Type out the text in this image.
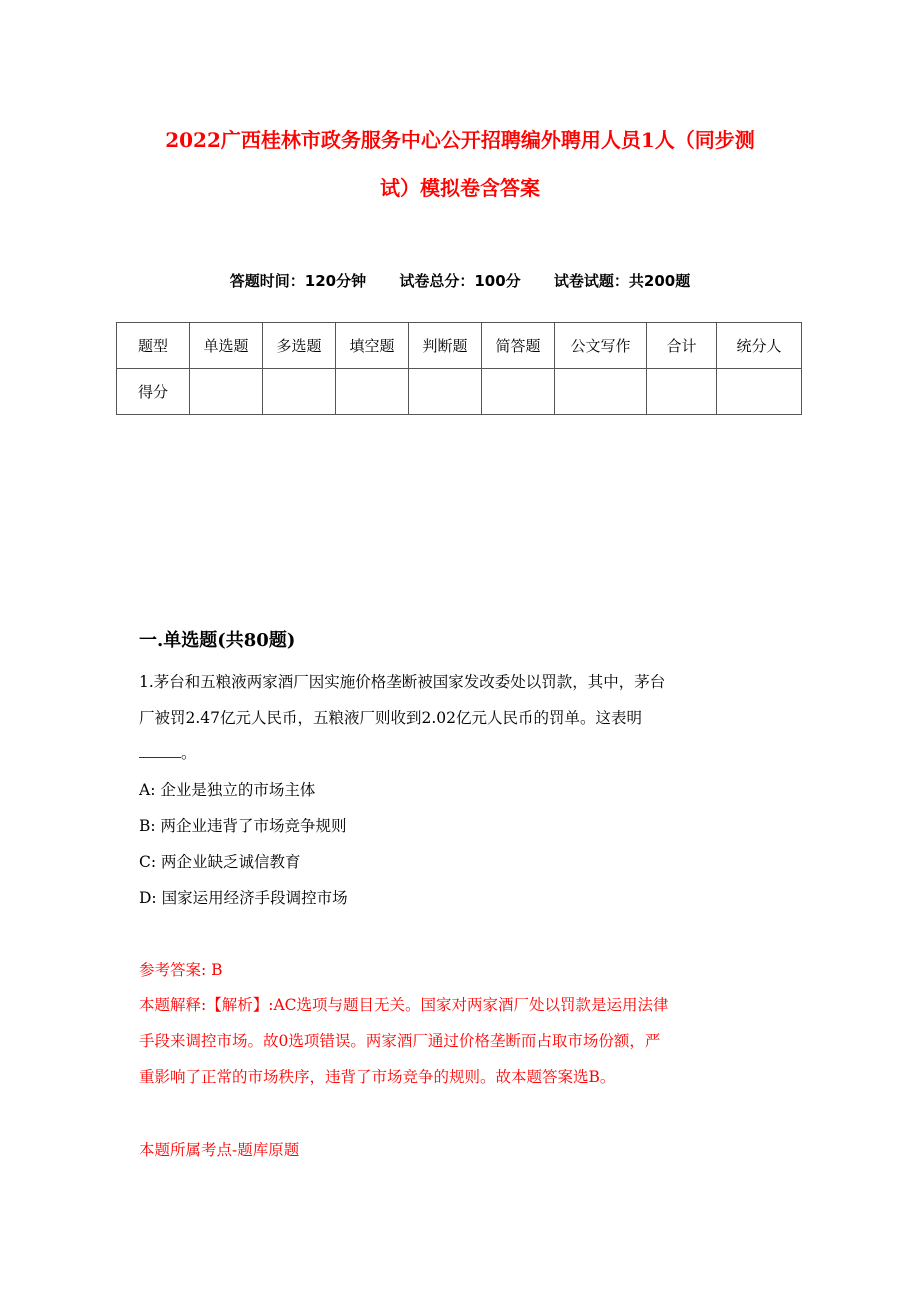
2022广西桂林市政务服务中心公开招聘编外聘用人员1人（同步测
试）模拟卷含答案
答题时间：120分钟 试卷总分：100分 试卷试题：共200题
题型	单选题	多选题	填空题	判断题	简答题	公文写作	合计	统分人
得分								
一.单选题(共80题)
1.茅台和五粮液两家酒厂因实施价格垄断被国家发改委处以罚款，其中，茅台
厂被罚2.47亿元人民币，五粮液厂则收到2.02亿元人民币的罚单。这表明
。
A: 企业是独立的市场主体
B: 两企业违背了市场竞争规则
C: 两企业缺乏诚信教育
D: 国家运用经济手段调控市场
参考答案: B
本题解释:【解析】:AC选项与题目无关。国家对两家酒厂处以罚款是运用法律
手段来调控市场。故0选项错误。两家酒厂通过价格垄断而占取市场份额，严
重影响了正常的市场秩序，违背了市场竞争的规则。故本题答案选B。
本题所属考点-题库原题
